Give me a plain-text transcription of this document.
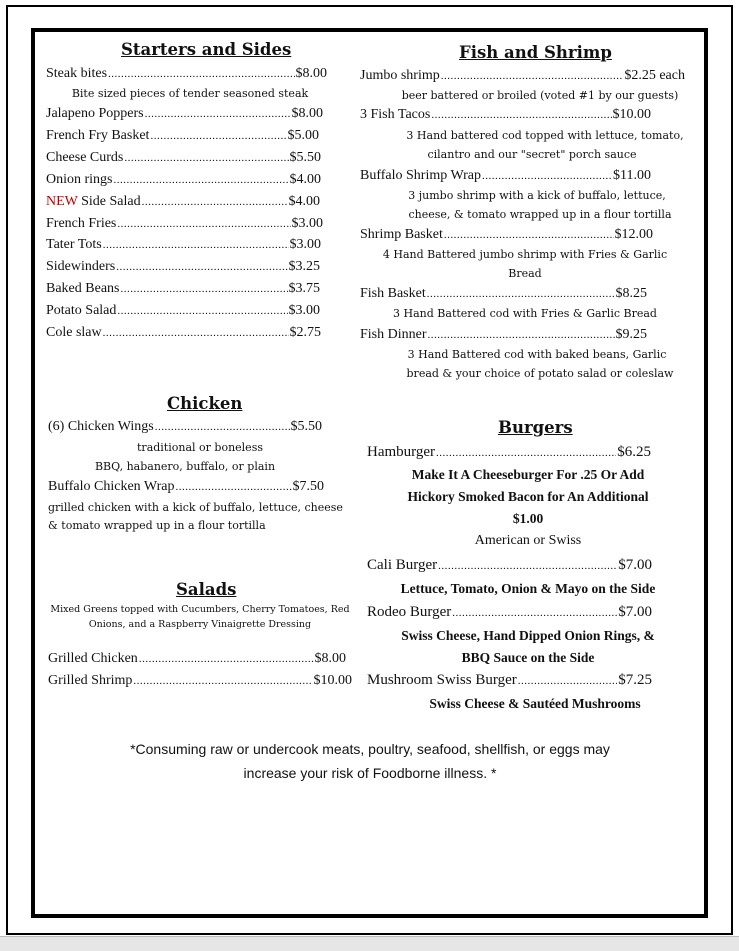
Starters and Sides
Steak bites .....	$8.00
Bite sized pieces of tender seasoned steak
Jalapeno Poppers .....	$8.00
French Fry Basket .....	$5.00
Cheese Curds .....	$5.50
Onion rings .....	$4.00
NEW Side Salad .....	$4.00
French Fries .....	$3.00
Tater Tots .....	$3.00
Sidewinders .....	$3.25
Baked Beans .....	$3.75
Potato Salad .....	$3.00
Cole slaw .....	$2.75
Chicken
(6) Chicken Wings .....	$5.50
traditional or boneless
BBQ, habanero, buffalo, or plain
Buffalo Chicken Wrap .....	$7.50
grilled chicken with a kick of buffalo, lettuce, cheese
& tomato wrapped up in a flour tortilla
Salads
Mixed Greens topped with Cucumbers, Cherry Tomatoes, Red
Onions, and a Raspberry Vinaigrette Dressing
Grilled Chicken .....	$8.00
Grilled Shrimp .....	$10.00
Fish and Shrimp
Jumbo shrimp .....	$2.25 each
beer battered or broiled (voted #1 by our guests)
3 Fish Tacos .....	$10.00
3 Hand battered cod topped with lettuce, tomato,
cilantro and our "secret" porch sauce
Buffalo Shrimp Wrap .....	$11.00
3 jumbo shrimp with a kick of buffalo, lettuce,
cheese, & tomato wrapped up in a flour tortilla
Shrimp Basket .....	$12.00
4 Hand Battered jumbo shrimp with Fries & Garlic
Bread
Fish Basket .....	$8.25
3 Hand Battered cod with Fries & Garlic Bread
Fish Dinner .....	$9.25
3 Hand Battered cod with baked beans, Garlic
bread & your choice of potato salad or coleslaw
Burgers
Hamburger .....	$6.25
Make It A Cheeseburger For .25 Or Add
Hickory Smoked Bacon for An Additional
$1.00
American or Swiss
Cali Burger .....	$7.00
Lettuce, Tomato, Onion & Mayo on the Side
Rodeo Burger .....	$7.00
Swiss Cheese, Hand Dipped Onion Rings, &
BBQ Sauce on the Side
Mushroom Swiss Burger .....	$7.25
Swiss Cheese & Sautéed Mushrooms
*Consuming raw or undercook meats, poultry, seafood, shellfish, or eggs may
increase your risk of Foodborne illness. *
